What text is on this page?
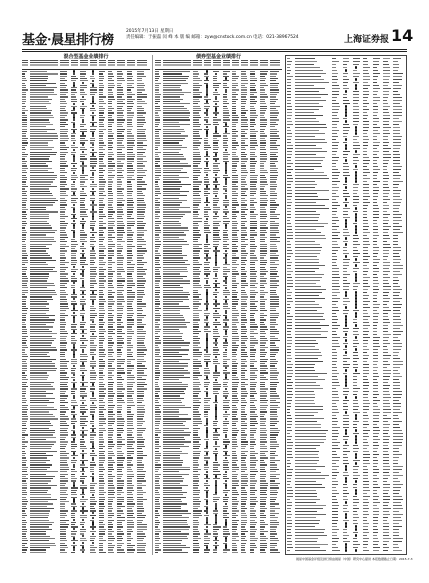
基金·晨星排行榜
2015年7月13日 星期日
责任编辑：于振磊 闵 峰 本 版 编 邮箱：zyw@cnstock.com.cn 电话：021-38967524	上海证券报 14
混合型基金业绩排行	债券型基金业绩排行
晨星中国基金评级及排行榜由晨星（中国）研究中心提供 本报数据截止日期：2015-7-3
